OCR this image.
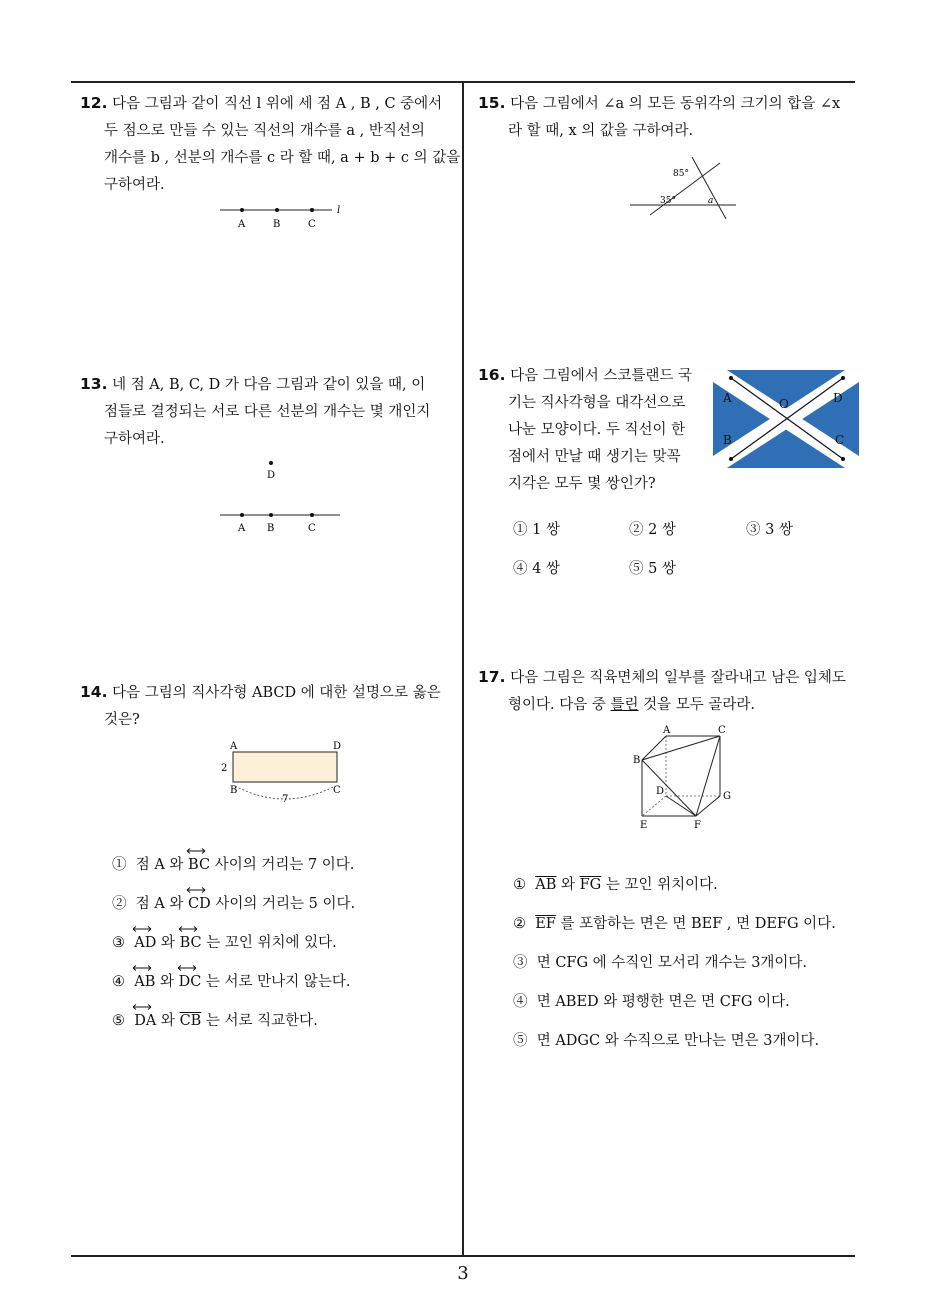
12. 다음 그림과 같이 직선 l 위에 세 점 A , B , C 중에서
두 점으로 만들 수 있는 직선의 개수를 a , 반직선의
개수를 b , 선분의 개수를 c 라 할 때, a + b + c 의 값을
구하여라.
A	B	C
l
13. 네 점 A, B, C, D 가 다음 그림과 같이 있을 때, 이
점들로 결정되는 서로 다른 선분의 개수는 몇 개인지
구하여라.
D
A B	C
14. 다음 그림의 직사각형 ABCD 에 대한 설명으로 옳은
것은?
A	D
B	C
2
7
① 점 A 와
BC 사이의 거리는 7 이다.
② 점 A 와
CD 사이의 거리는 5 이다.
③ AD 와
BC 는 꼬인 위치에 있다.
④ AB 와
DC 는 서로 만나지 않는다.
⑤ DA 와 $\overline{CB}$ 는 서로 직교한다.
15. 다음 그림에서 ∠a 의 모든 동위각의 크기의 합을 ∠x
라 할 때, x 의 값을 구하여라.
85°
35°	a
16. 다음 그림에서 스코틀랜드 국
기는 직사각형을 대각선으로
나눈 모양이다. 두 직선이 한
점에서 만날 때 생기는 맞꼭
지각은 모두 몇 쌍인가?
A	D
B	C
O
① 1 쌍	② 2 쌍	③ 3 쌍
④ 4 쌍	⑤ 5 쌍
17. 다음 그림은 직육면체의 일부를 잘라내고 남은 입체도
형이다. 다음 중 틀린 것을 모두 골라라.
A	C
B
D	G
E	F
① $\overline{AB}$ 와 $\overline{FG}$ 는 꼬인 위치이다.
② $\overline{EF}$ 를 포함하는 면은 면 BEF , 면 DEFG 이다.
③ 면 CFG 에 수직인 모서리 개수는 3개이다.
④ 면 ABED 와 평행한 면은 면 CFG 이다.
⑤ 면 ADGC 와 수직으로 만나는 면은 3개이다.
3
